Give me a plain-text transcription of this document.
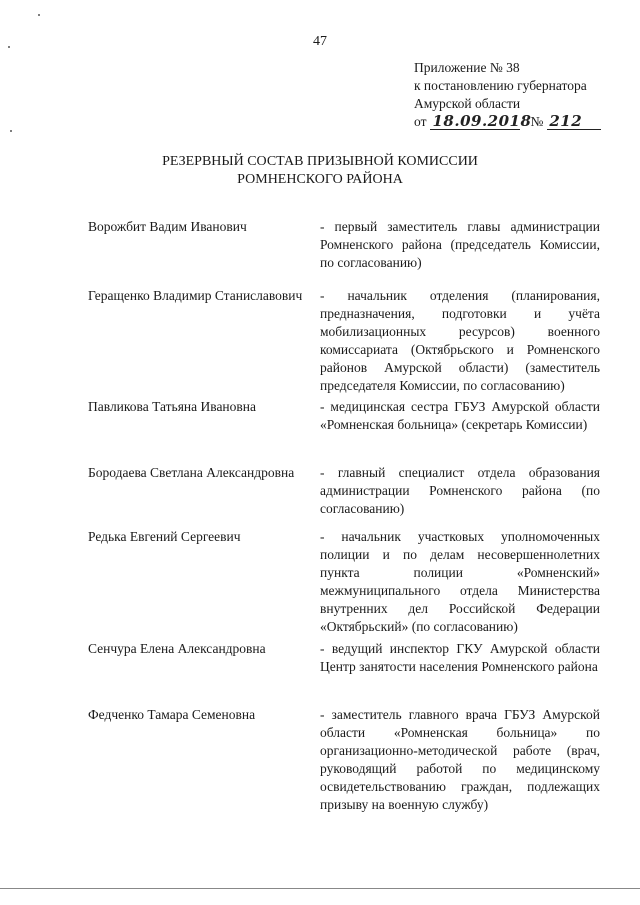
47
Приложение № 38
к постановлению губернатора
Амурской области
от 18.09.2018 № 212
РЕЗЕРВНЫЙ СОСТАВ ПРИЗЫВНОЙ КОМИССИИ
РОМНЕНСКОГО РАЙОНА
Ворожбит Вадим Иванович	- первый заместитель главы администрации Ромненского района (председатель Комиссии, по согласованию)
Геращенко Владимир Станиславович	- начальник отделения (планирования, предназначения, подготовки и учёта мобилизационных ресурсов) военного комиссариата (Октябрьского и Ромненского районов Амурской области) (заместитель председателя Комиссии, по согласованию)
Павликова Татьяна Ивановна	- медицинская сестра ГБУЗ Амурской области «Ромненская больница» (секретарь Комиссии)
Бородаева Светлана Александровна	- главный специалист отдела образования администрации Ромненского района (по согласованию)
Редька Евгений Сергеевич	- начальник участковых уполномоченных полиции и по делам несовершеннолетних пункта полиции «Ромненский» межмуниципального отдела Министерства внутренних дел Российской Федерации «Октябрьский» (по согласованию)
Сенчура Елена Александровна	- ведущий инспектор ГКУ Амурской области Центр занятости населения Ромненского района
Федченко Тамара Семеновна	- заместитель главного врача ГБУЗ Амурской области «Ромненская больница» по организационно-методической работе (врач, руководящий работой по медицинскому освидетельствованию граждан, подлежащих призыву на военную службу)
